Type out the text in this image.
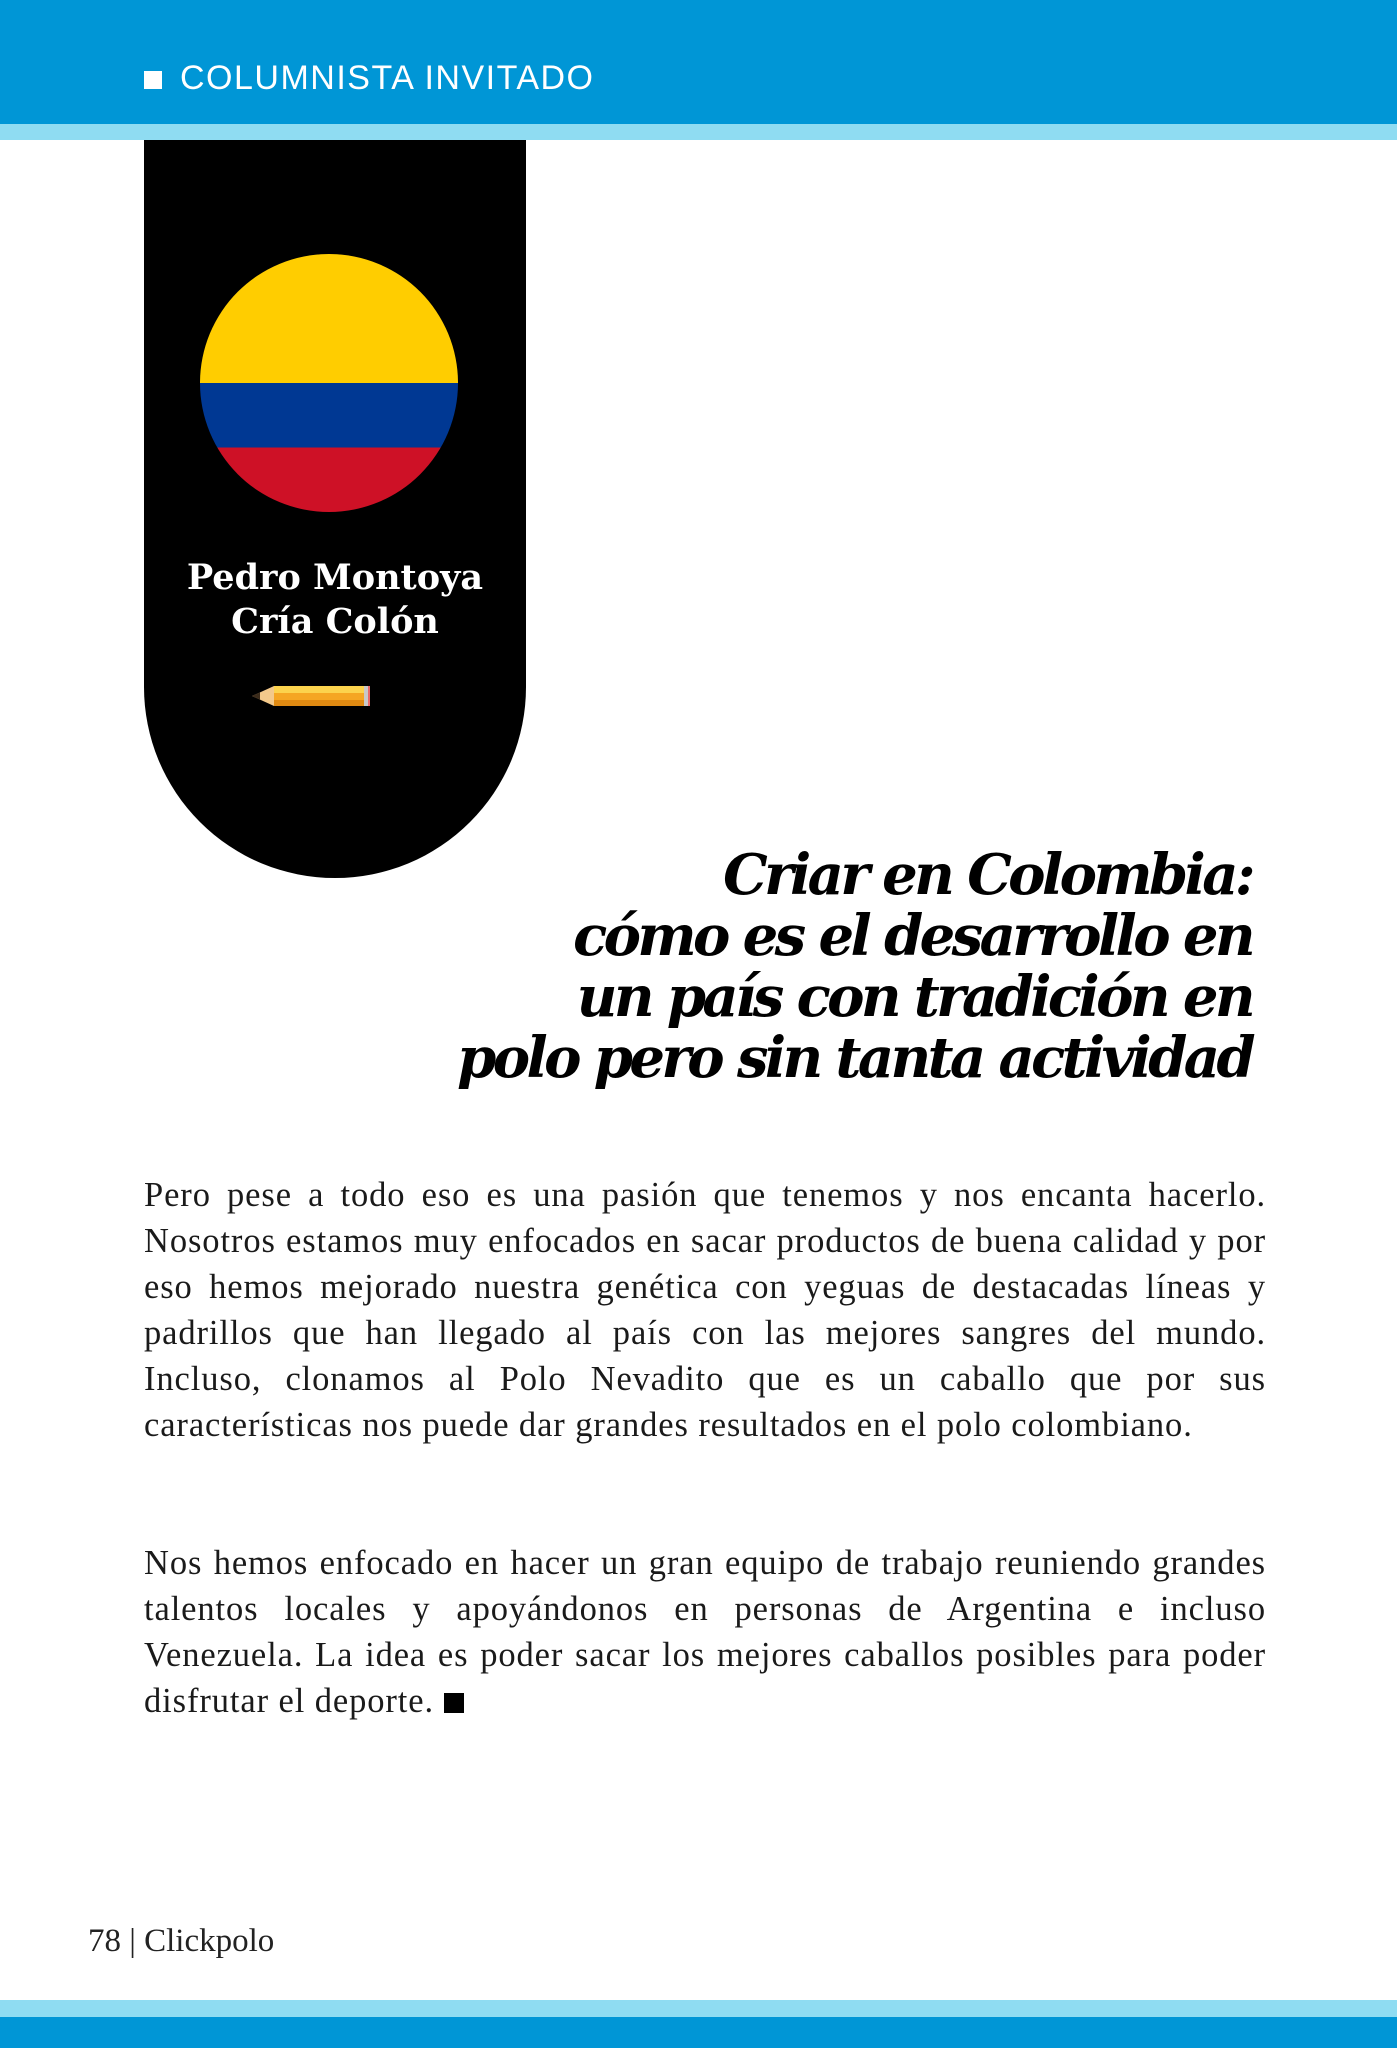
COLUMNISTA INVITADO
Pedro Montoya
Cría Colón
Criar en Colombia:
cómo es el desarrollo en
un país con tradición en
polo pero sin tanta actividad

Pero pese a todo eso es una pasión que tenemos y nos encanta hacerlo. Nosotros estamos muy enfocados en sacar productos de buena calidad y por eso hemos mejorado nuestra genética con yeguas de destacadas líneas y padrillos que han llegado al país con las mejores sangres del mundo. Incluso, clonamos al Polo Nevadito que es un caballo que por sus características nos puede dar grandes resultados en el polo colombiano.

Nos hemos enfocado en hacer un gran equipo de trabajo reuniendo grandes talentos locales y apoyándonos en personas de Argentina e incluso Venezuela. La idea es poder sacar los mejores caballos posibles para poder disfrutar el deporte.

78 | Clickpolo
